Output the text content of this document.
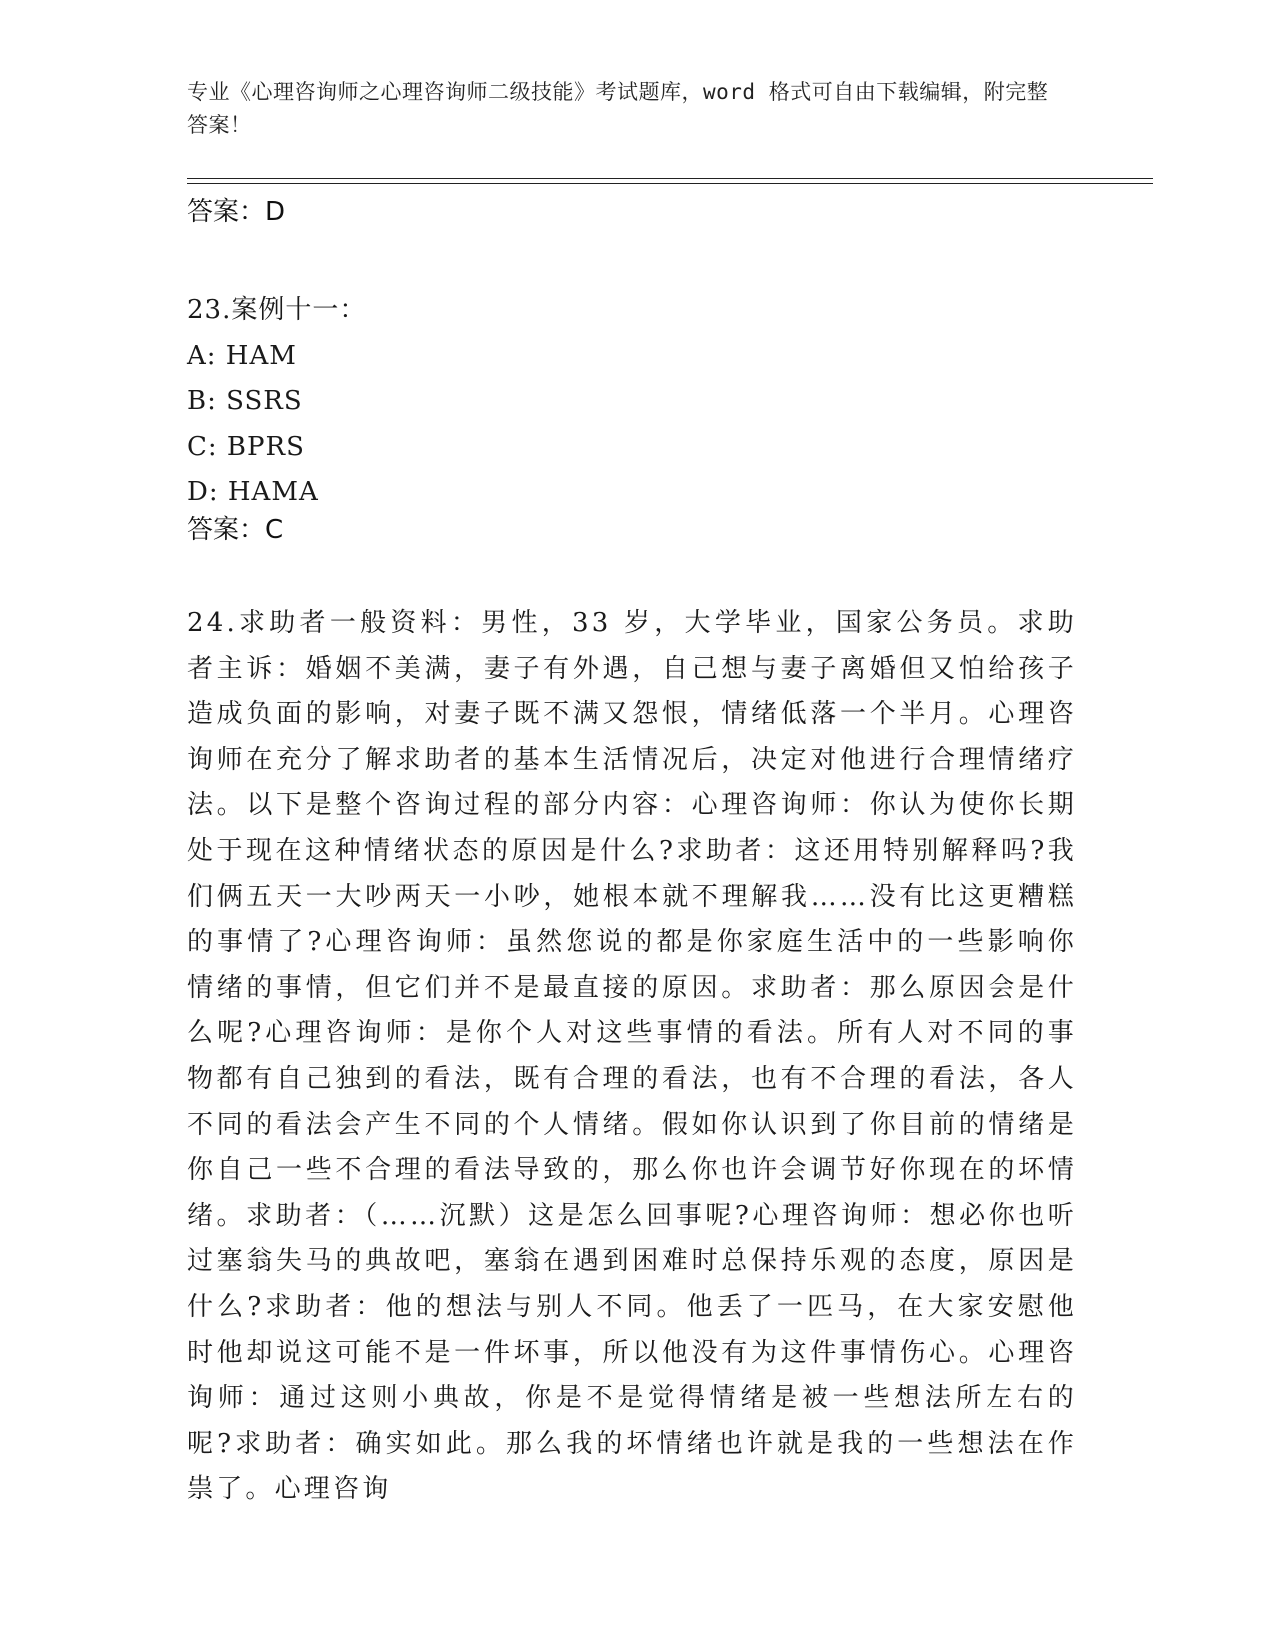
专业《心理咨询师之心理咨询师二级技能》考试题库，word 格式可自由下载编辑，附完整答案！
答案：D
23.案例十一：
A: HAM
B: SSRS
C: BPRS
D: HAMA
答案：C
24.求助者一般资料：男性，33 岁，大学毕业，国家公务员。求助者主诉：婚姻不美满，妻子有外遇，自己想与妻子离婚但又怕给孩子造成负面的影响，对妻子既不满又怨恨，情绪低落一个半月。心理咨询师在充分了解求助者的基本生活情况后，决定对他进行合理情绪疗法。以下是整个咨询过程的部分内容：心理咨询师：你认为使你长期处于现在这种情绪状态的原因是什么?求助者：这还用特别解释吗?我们俩五天一大吵两天一小吵，她根本就不理解我……没有比这更糟糕的事情了?心理咨询师：虽然您说的都是你家庭生活中的一些影响你情绪的事情，但它们并不是最直接的原因。求助者：那么原因会是什么呢?心理咨询师：是你个人对这些事情的看法。所有人对不同的事物都有自己独到的看法，既有合理的看法，也有不合理的看法，各人不同的看法会产生不同的个人情绪。假如你认识到了你目前的情绪是你自己一些不合理的看法导致的，那么你也许会调节好你现在的坏情绪。求助者：（……沉默）这是怎么回事呢?心理咨询师：想必你也听过塞翁失马的典故吧，塞翁在遇到困难时总保持乐观的态度，原因是什么?求助者：他的想法与别人不同。他丢了一匹马，在大家安慰他时他却说这可能不是一件坏事，所以他没有为这件事情伤心。心理咨询师：通过这则小典故，你是不是觉得情绪是被一些想法所左右的呢?求助者：确实如此。那么我的坏情绪也许就是我的一些想法在作祟了。心理咨询
